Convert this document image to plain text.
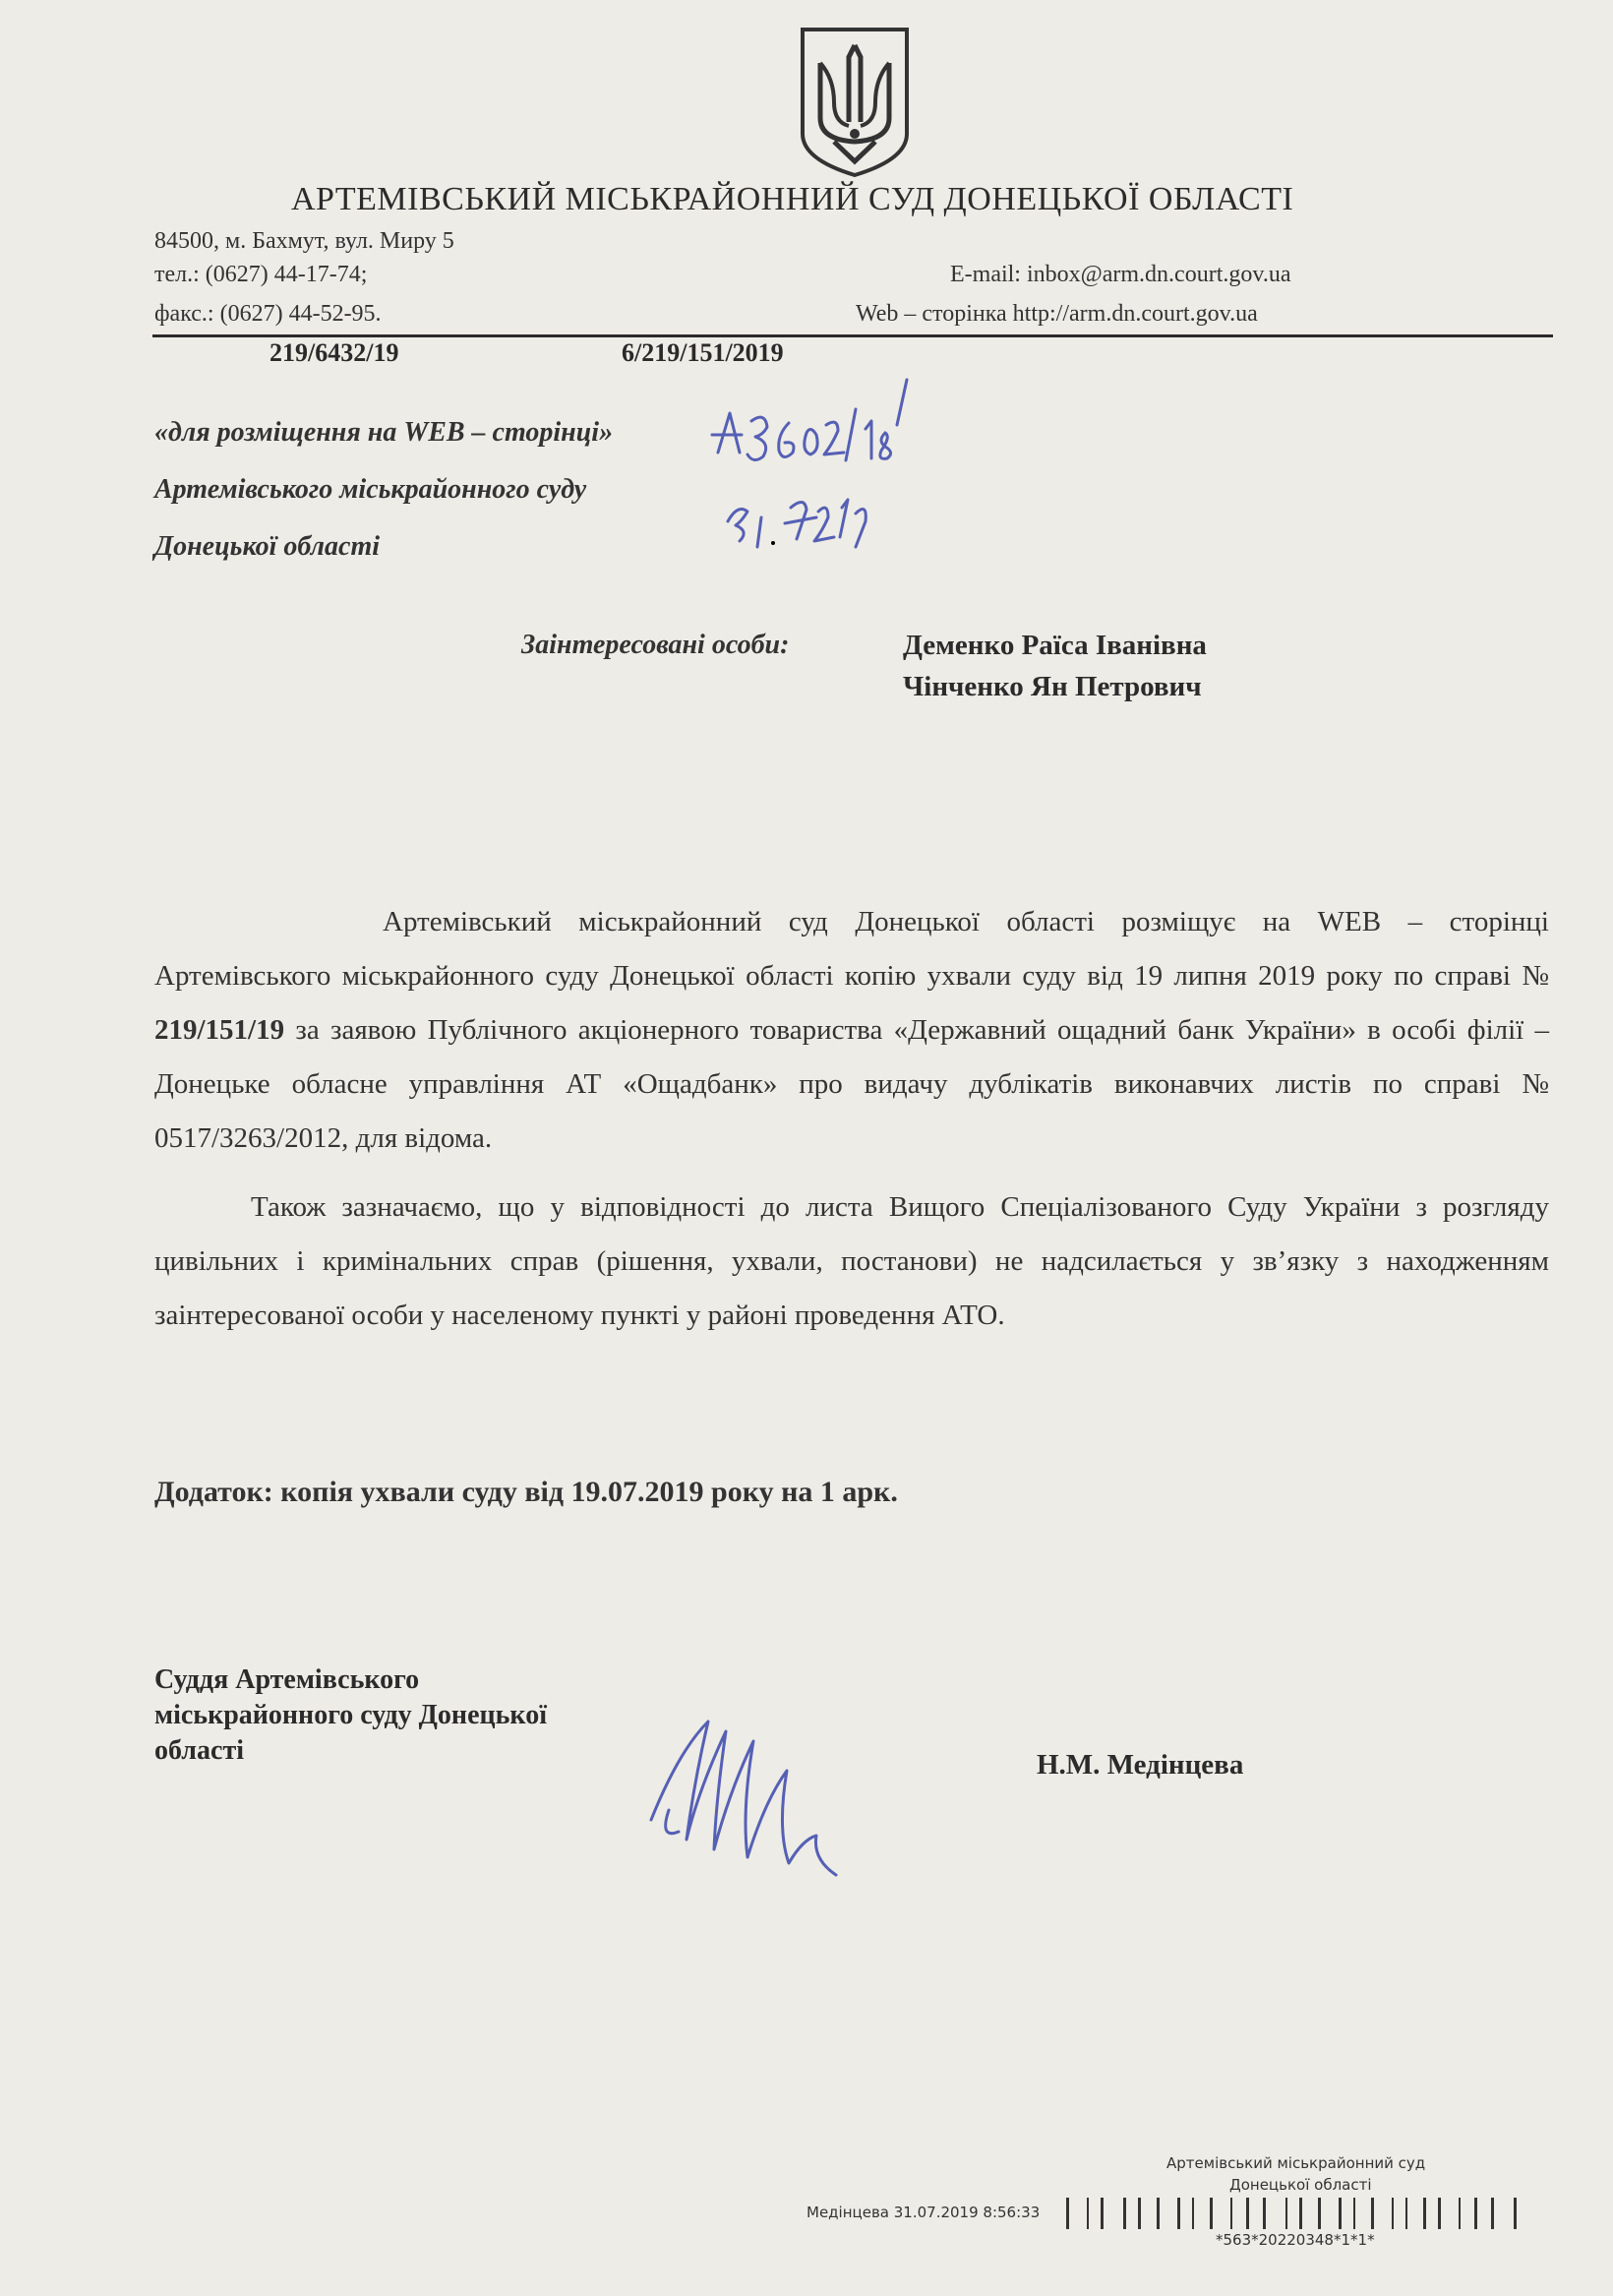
АРТЕМІВСЬКИЙ МІСЬКРАЙОННИЙ СУД ДОНЕЦЬКОЇ ОБЛАСТІ
84500, м. Бахмут, вул. Миру 5
тел.: (0627) 44-17-74;
факс.: (0627) 44-52-95.
E-mail: inbox@arm.dn.court.gov.ua
Web – сторінка http://arm.dn.court.gov.ua
219/6432/19	6/219/151/2019
«для розміщення на WEB – сторінці»
Артемівського міськрайонного суду
Донецької області
Заінтересовані особи:	Деменко Раїса Іванівна
Чінченко Ян Петрович
Артемівський міськрайонний суд Донецької області розміщує на WEB – сторінці Артемівського міськрайонного суду Донецької області копію ухвали суду від 19 липня 2019 року по справі № 219/151/19 за заявою Публічного акціонерного товариства «Державний ощадний банк України» в особі філії – Донецьке обласне управління АТ «Ощадбанк» про видачу дублікатів виконавчих листів по справі № 0517/3263/2012, для відома.
Також зазначаємо, що у відповідності до листа Вищого Спеціалізованого Суду України з розгляду цивільних і кримінальних справ (рішення, ухвали, постанови) не надсилається у зв’язку з находженням заінтересованої особи у населеному пункті у районі проведення АТО.
Додаток: копія ухвали суду від 19.07.2019 року на 1 арк.
Суддя Артемівського міськрайонного суду Донецької області	Н.М. Медінцева
Артемівський міськрайонний суд
Донецької області
Медінцева 31.07.2019 8:56:33
*563*20220348*1*1*
